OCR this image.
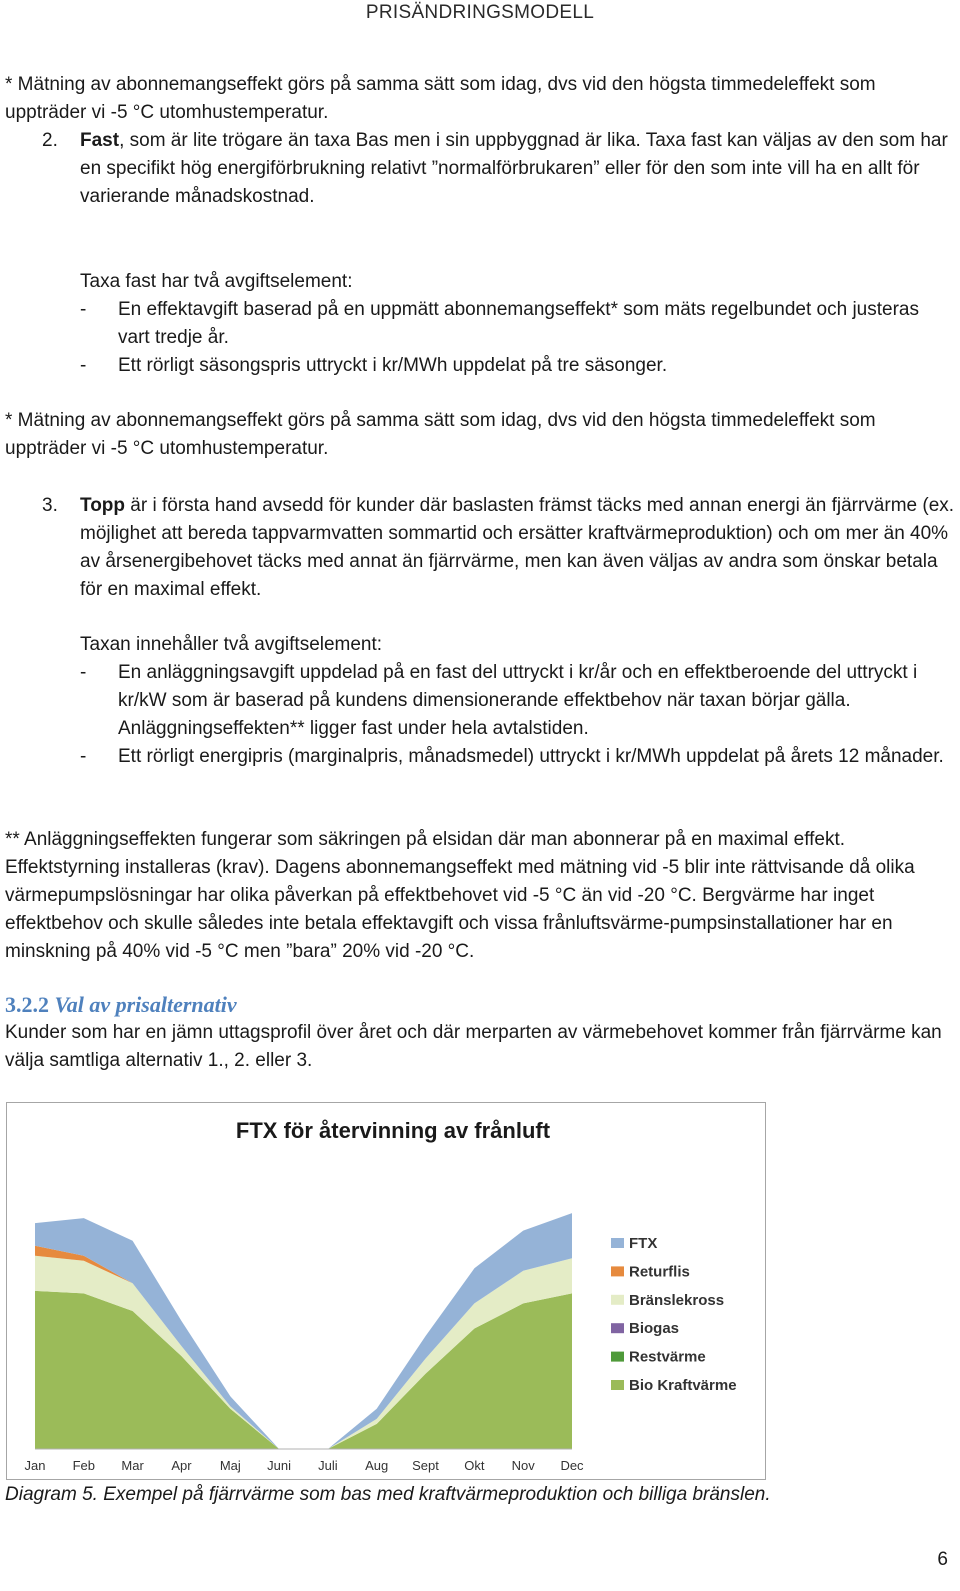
PRISÄNDRINGSMODELL
* Mätning av abonnemangseffekt görs på samma sätt som idag, dvs vid den högsta timmedeleffekt som uppträder vi -5 °C utomhustemperatur.
2. Fast, som är lite trögare än taxa Bas men i sin uppbyggnad är lika. Taxa fast kan väljas av den som har en specifikt hög energiförbrukning relativt ”normalförbrukaren” eller för den som inte vill ha en allt för varierande månadskostnad.
Taxa fast har två avgiftselement:
- En effektavgift baserad på en uppmätt abonnemangseffekt* som mäts regelbundet och justeras vart tredje år.
- Ett rörligt säsongspris uttryckt i kr/MWh uppdelat på tre säsonger.
* Mätning av abonnemangseffekt görs på samma sätt som idag, dvs vid den högsta timmedeleffekt som uppträder vi -5 °C utomhustemperatur.
3. Topp är i första hand avsedd för kunder där baslasten främst täcks med annan energi än fjärrvärme (ex. möjlighet att bereda tappvarmvatten sommartid och ersätter kraftvärmeproduktion) och om mer än 40% av årsenergibehovet täcks med annat än fjärrvärme, men kan även väljas av andra som önskar betala för en maximal effekt.
Taxan innehåller två avgiftselement:
- En anläggningsavgift uppdelad på en fast del uttryckt i kr/år och en effektberoende del uttryckt i kr/kW som är baserad på kundens dimensionerande effektbehov när taxan börjar gälla. Anläggningseffekten** ligger fast under hela avtalstiden.
- Ett rörligt energipris (marginalpris, månadsmedel) uttryckt i kr/MWh uppdelat på årets 12 månader.
** Anläggningseffekten fungerar som säkringen på elsidan där man abonnerar på en maximal effekt. Effektstyrning installeras (krav). Dagens abonnemangseffekt med mätning vid -5 blir inte rättvisande då olika värmepumpslösningar har olika påverkan på effektbehovet vid -5 °C än vid -20 °C. Bergvärme har inget effektbehov och skulle således inte betala effektavgift och vissa frånluftsvärme-pumpsinstallationer har en minskning på 40% vid -5 °C men ”bara” 20% vid -20 °C.
3.2.2 Val av prisalternativ
Kunder som har en jämn uttagsprofil över året och där merparten av värmebehovet kommer från fjärrvärme kan välja samtliga alternativ 1., 2. eller 3.
FTX för återvinning av frånluft
Jan Feb Mar Apr Maj Juni Juli Aug Sept Okt Nov Dec
FTX
Returflis
Bränslekross
Biogas
Restvärme
Bio Kraftvärme
Diagram 5. Exempel på fjärrvärme som bas med kraftvärmeproduktion och billiga bränslen.
6
